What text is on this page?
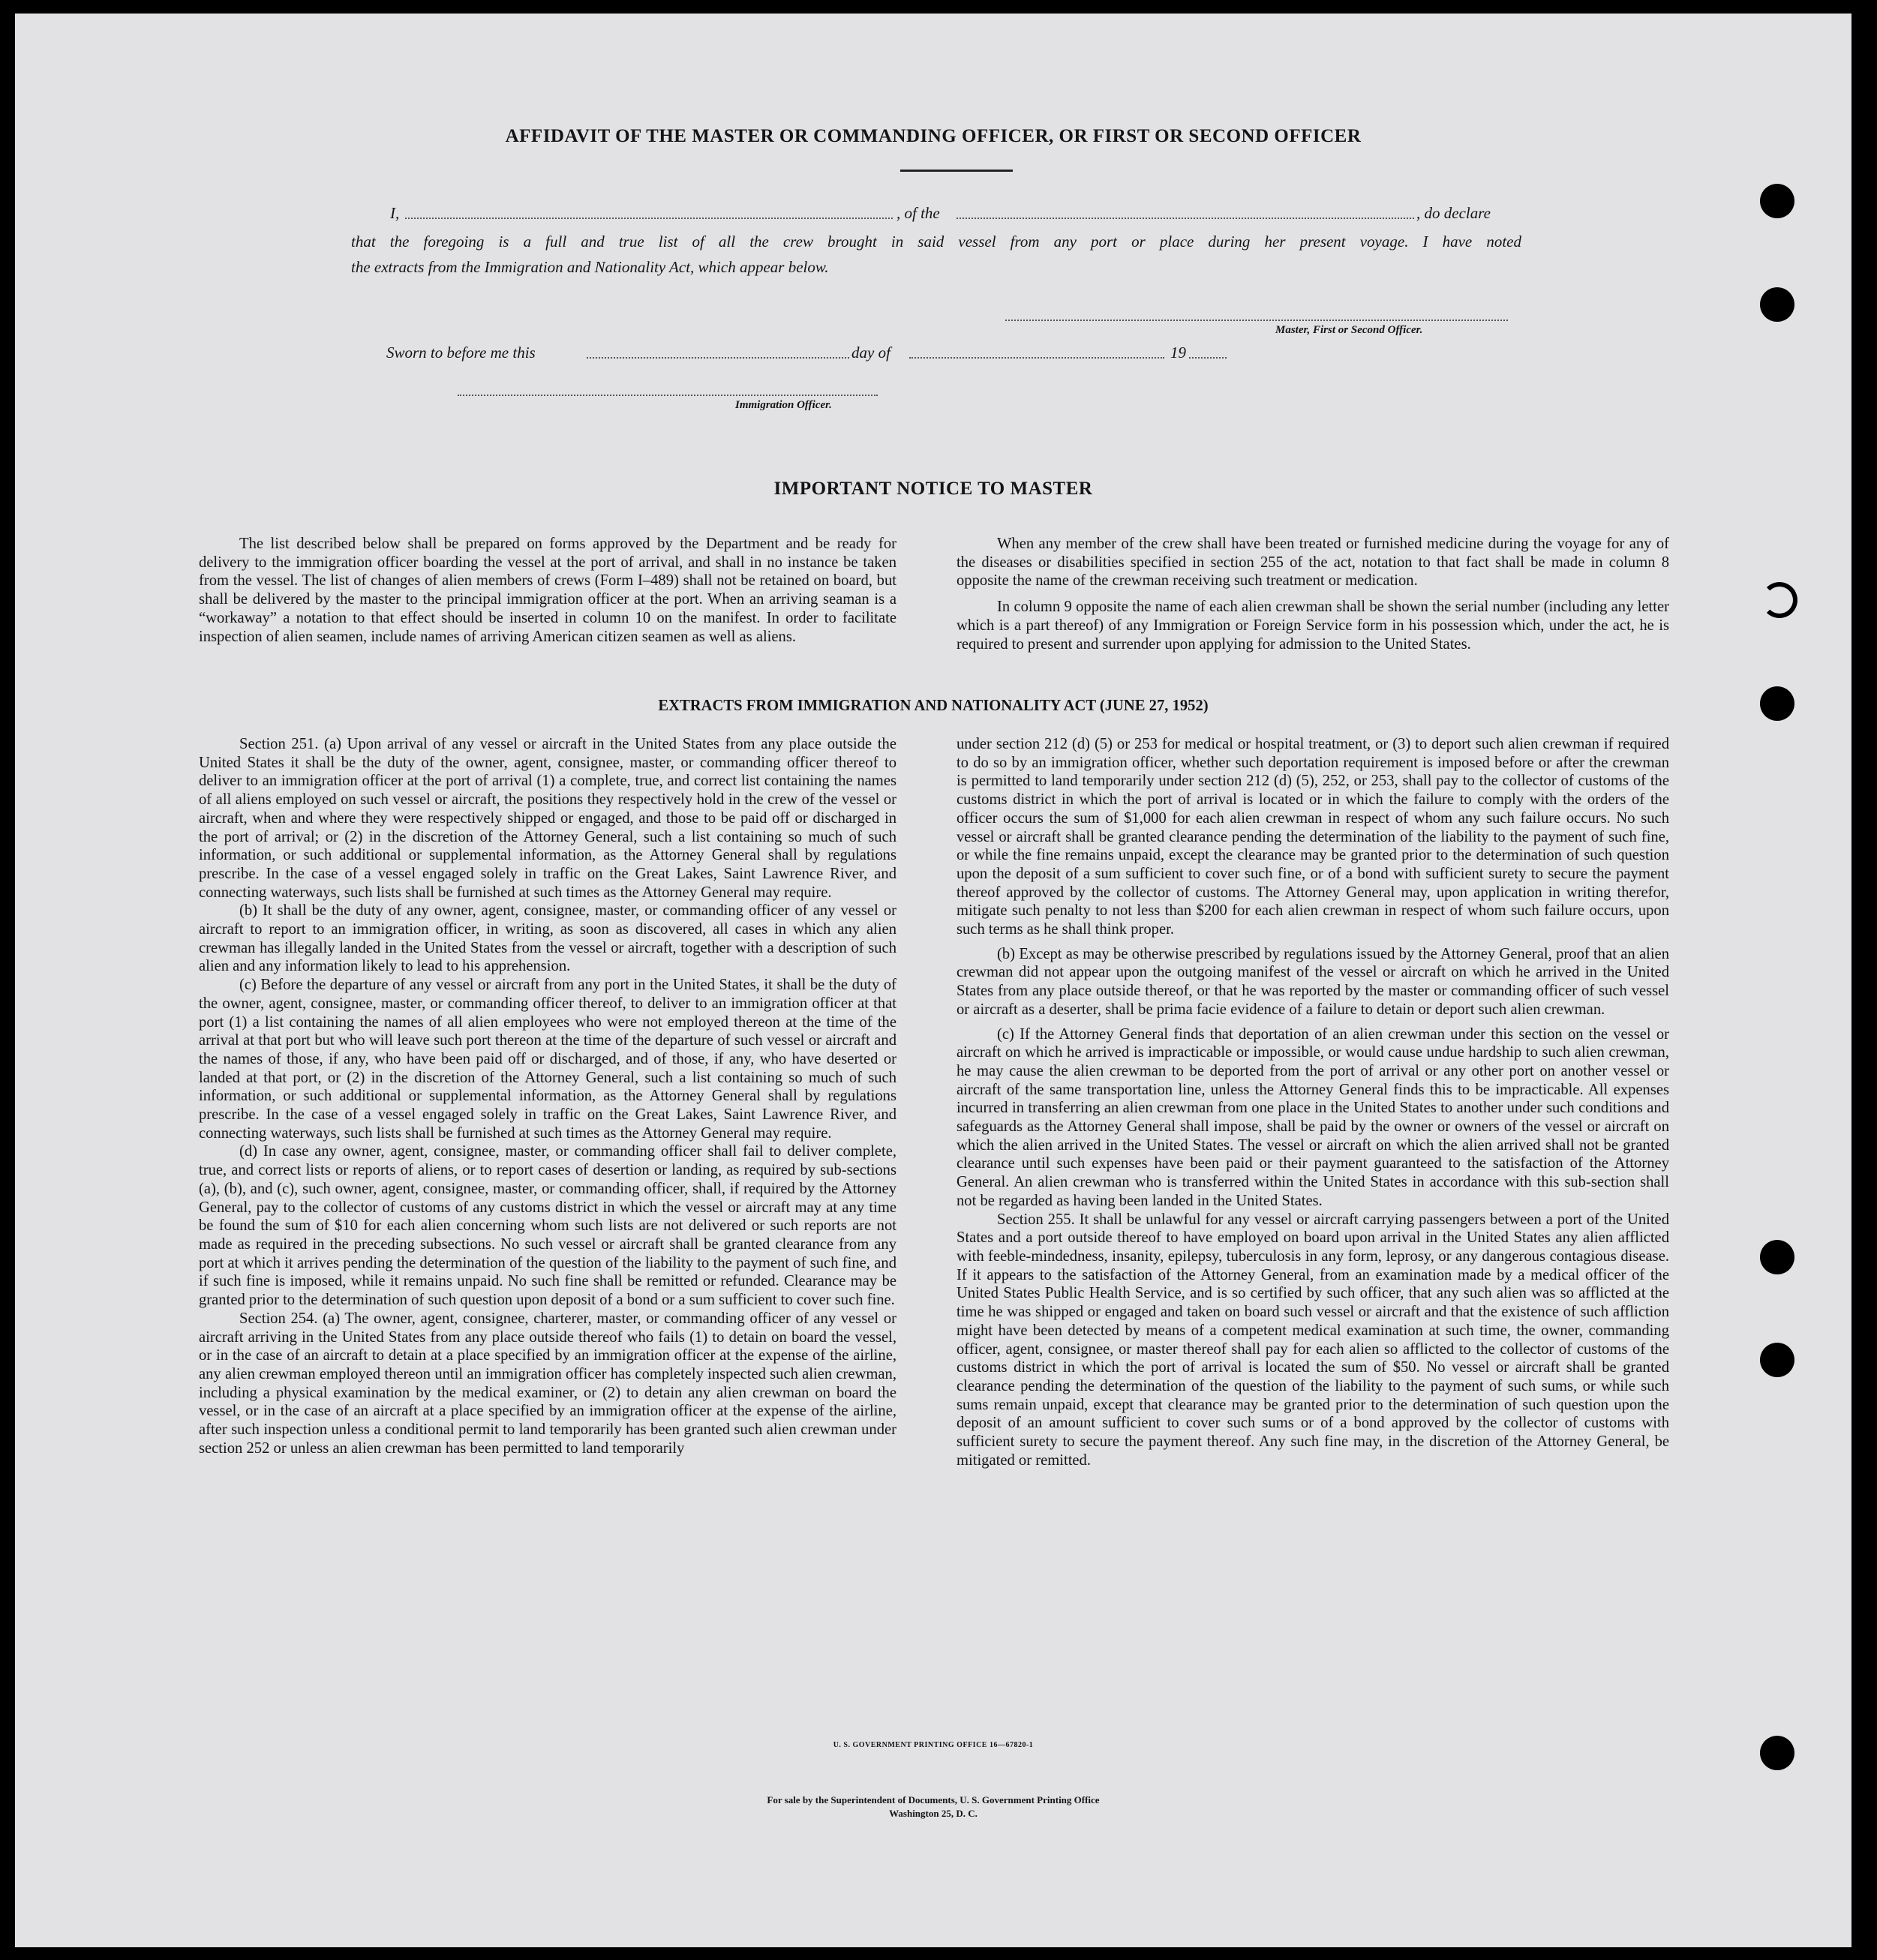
AFFIDAVIT OF THE MASTER OR COMMANDING OFFICER, OR FIRST OR SECOND OFFICER
I,	, of the	, do declare
that the foregoing is a full and true list of all the crew brought in said vessel from any port or place during her present voyage. I have noted
the extracts from the Immigration and Nationality Act, which appear below.
Master, First or Second Officer.
Sworn to before me this	day of	19
Immigration Officer.
IMPORTANT NOTICE TO MASTER

The list described below shall be prepared on forms approved by the Department and be ready for delivery to the immigration officer boarding the vessel at the port of arrival, and shall in no instance be taken from the vessel. The list of changes of alien members of crews (Form I–489) shall not be retained on board, but shall be delivered by the master to the principal immigration officer at the port. When an arriving seaman is a “workaway” a notation to that effect should be inserted in column 10 on the manifest. In order to facilitate inspection of alien seamen, include names of arriving American citizen seamen as well as aliens.

When any member of the crew shall have been treated or furnished medicine during the voyage for any of the diseases or disabilities specified in section 255 of the act, notation to that fact shall be made in column 8 opposite the name of the crewman receiving such treatment or medication.

In column 9 opposite the name of each alien crewman shall be shown the serial number (including any letter which is a part thereof) of any Immigration or Foreign Service form in his possession which, under the act, he is required to present and surrender upon applying for admission to the United States.

EXTRACTS FROM IMMIGRATION AND NATIONALITY ACT (JUNE 27, 1952)

Section 251. (a) Upon arrival of any vessel or aircraft in the United States from any place outside the United States it shall be the duty of the owner, agent, consignee, master, or commanding officer thereof to deliver to an immigration officer at the port of arrival (1) a complete, true, and correct list containing the names of all aliens employed on such vessel or aircraft, the positions they respectively hold in the crew of the vessel or aircraft, when and where they were respectively shipped or engaged, and those to be paid off or discharged in the port of arrival; or (2) in the discretion of the Attorney General, such a list containing so much of such information, or such additional or supplemental information, as the Attorney General shall by regulations prescribe. In the case of a vessel engaged solely in traffic on the Great Lakes, Saint Lawrence River, and connecting waterways, such lists shall be furnished at such times as the Attorney General may require.

(b) It shall be the duty of any owner, agent, consignee, master, or commanding officer of any vessel or aircraft to report to an immigration officer, in writing, as soon as discovered, all cases in which any alien crewman has illegally landed in the United States from the vessel or aircraft, together with a description of such alien and any information likely to lead to his apprehension.

(c) Before the departure of any vessel or aircraft from any port in the United States, it shall be the duty of the owner, agent, consignee, master, or commanding officer thereof, to deliver to an immigration officer at that port (1) a list containing the names of all alien employees who were not employed thereon at the time of the arrival at that port but who will leave such port thereon at the time of the departure of such vessel or aircraft and the names of those, if any, who have been paid off or discharged, and of those, if any, who have deserted or landed at that port, or (2) in the discretion of the Attorney General, such a list containing so much of such information, or such additional or supplemental information, as the Attorney General shall by regulations prescribe. In the case of a vessel engaged solely in traffic on the Great Lakes, Saint Lawrence River, and connecting waterways, such lists shall be furnished at such times as the Attorney General may require.

(d) In case any owner, agent, consignee, master, or commanding officer shall fail to deliver complete, true, and correct lists or reports of aliens, or to report cases of desertion or landing, as required by sub-sections (a), (b), and (c), such owner, agent, consignee, master, or commanding officer, shall, if required by the Attorney General, pay to the collector of customs of any customs district in which the vessel or aircraft may at any time be found the sum of $10 for each alien concerning whom such lists are not delivered or such reports are not made as required in the preceding subsections. No such vessel or aircraft shall be granted clearance from any port at which it arrives pending the determination of the question of the liability to the payment of such fine, and if such fine is imposed, while it remains unpaid. No such fine shall be remitted or refunded. Clearance may be granted prior to the determination of such question upon deposit of a bond or a sum sufficient to cover such fine.

Section 254. (a) The owner, agent, consignee, charterer, master, or commanding officer of any vessel or aircraft arriving in the United States from any place outside thereof who fails (1) to detain on board the vessel, or in the case of an aircraft to detain at a place specified by an immigration officer at the expense of the airline, any alien crewman employed thereon until an immigration officer has completely inspected such alien crewman, including a physical examination by the medical examiner, or (2) to detain any alien crewman on board the vessel, or in the case of an aircraft at a place specified by an immigration officer at the expense of the airline, after such inspection unless a conditional permit to land temporarily has been granted such alien crewman under section 252 or unless an alien crewman has been permitted to land temporarily

under section 212 (d) (5) or 253 for medical or hospital treatment, or (3) to deport such alien crewman if required to do so by an immigration officer, whether such deportation requirement is imposed before or after the crewman is permitted to land temporarily under section 212 (d) (5), 252, or 253, shall pay to the collector of customs of the customs district in which the port of arrival is located or in which the failure to comply with the orders of the officer occurs the sum of $1,000 for each alien crewman in respect of whom any such failure occurs. No such vessel or aircraft shall be granted clearance pending the determination of the liability to the payment of such fine, or while the fine remains unpaid, except the clearance may be granted prior to the determination of such question upon the deposit of a sum sufficient to cover such fine, or of a bond with sufficient surety to secure the payment thereof approved by the collector of customs. The Attorney General may, upon application in writing therefor, mitigate such penalty to not less than $200 for each alien crewman in respect of whom such failure occurs, upon such terms as he shall think proper.

(b) Except as may be otherwise prescribed by regulations issued by the Attorney General, proof that an alien crewman did not appear upon the outgoing manifest of the vessel or aircraft on which he arrived in the United States from any place outside thereof, or that he was reported by the master or commanding officer of such vessel or aircraft as a deserter, shall be prima facie evidence of a failure to detain or deport such alien crewman.

(c) If the Attorney General finds that deportation of an alien crewman under this section on the vessel or aircraft on which he arrived is impracticable or impossible, or would cause undue hardship to such alien crewman, he may cause the alien crewman to be deported from the port of arrival or any other port on another vessel or aircraft of the same transportation line, unless the Attorney General finds this to be impracticable. All expenses incurred in transferring an alien crewman from one place in the United States to another under such conditions and safeguards as the Attorney General shall impose, shall be paid by the owner or owners of the vessel or aircraft on which the alien arrived in the United States. The vessel or aircraft on which the alien arrived shall not be granted clearance until such expenses have been paid or their payment guaranteed to the satisfaction of the Attorney General. An alien crewman who is transferred within the United States in accordance with this sub-section shall not be regarded as having been landed in the United States.

Section 255. It shall be unlawful for any vessel or aircraft carrying passengers between a port of the United States and a port outside thereof to have employed on board upon arrival in the United States any alien afflicted with feeble-mindedness, insanity, epilepsy, tuberculosis in any form, leprosy, or any dangerous contagious disease. If it appears to the satisfaction of the Attorney General, from an examination made by a medical officer of the United States Public Health Service, and is so certified by such officer, that any such alien was so afflicted at the time he was shipped or engaged and taken on board such vessel or aircraft and that the existence of such affliction might have been detected by means of a competent medical examination at such time, the owner, commanding officer, agent, consignee, or master thereof shall pay for each alien so afflicted to the collector of customs of the customs district in which the port of arrival is located the sum of $50. No vessel or aircraft shall be granted clearance pending the determination of the question of the liability to the payment of such sums, or while such sums remain unpaid, except that clearance may be granted prior to the determination of such question upon the deposit of an amount sufficient to cover such sums or of a bond approved by the collector of customs with sufficient surety to secure the payment thereof. Any such fine may, in the discretion of the Attorney General, be mitigated or remitted.

U. S. GOVERNMENT PRINTING OFFICE 16—67820-1
For sale by the Superintendent of Documents, U. S. Government Printing Office
Washington 25, D. C.
